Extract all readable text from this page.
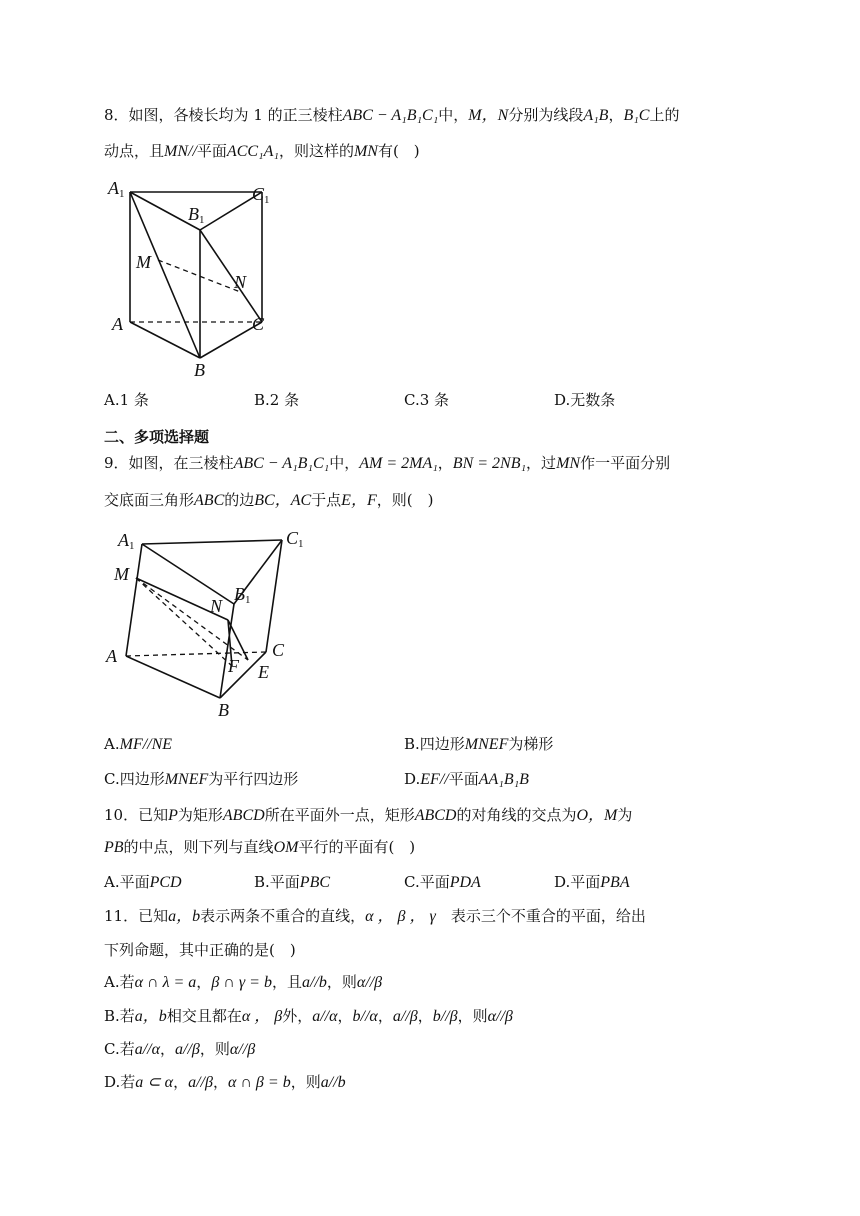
8．如图，各棱长均为 1 的正三棱柱ABC − A₁B₁C₁中，M，N分别为线段A₁B，B₁C上的
动点，且MN//平面ACC₁A₁，则这样的MN有(　)
A1
B1
C1
M
N
A	C
B
A.1 条	B.2 条	C.3 条	D.无数条
二、多项选择题
9．如图，在三棱柱ABC − A₁B₁C₁中，AM = 2MA₁，BN = 2NB₁，过MN作一平面分别
交底面三角形ABC的边BC，AC于点E，F，则(　)
A1	C1
M
N
B1
A	C
F E
B
A.MF//NE	B.四边形MNEF为梯形
C.四边形MNEF为平行四边形	D.EF//平面AA₁B₁B
10．已知P为矩形ABCD所在平面外一点，矩形ABCD的对角线的交点为O，M为
PB的中点，则下列与直线OM平行的平面有(　)
A.平面PCD	B.平面PBC	C.平面PDA	D.平面PBA
11．已知a，b表示两条不重合的直线，α ， β ， γ　 表示三个不重合的平面，给出
下列命题，其中正确的是(　)
A.若α ∩ λ = a，β ∩ γ = b，且a//b，则α//β
B.若a，b相交且都在α ， β外，a//α，b//α，a//β，b//β，则α//β
C.若a//α，a//β，则α//β
D.若a ⊂ α，a//β，α ∩ β = b，则a//b
